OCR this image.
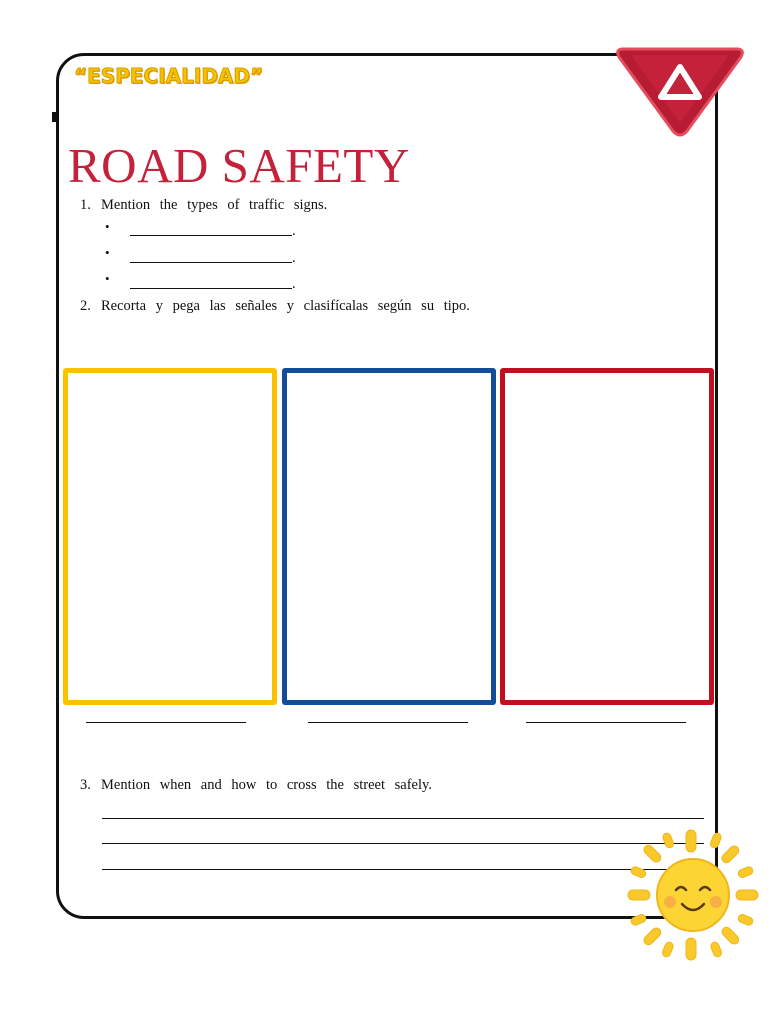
“ESPECIALIDAD”
ROAD SAFETY
1. Mention the types of traffic signs.
•	.
•	.
•	.
2. Recorta y pega las señales y clasifícalas según su tipo.
3. Mention when and how to cross the street safely.
